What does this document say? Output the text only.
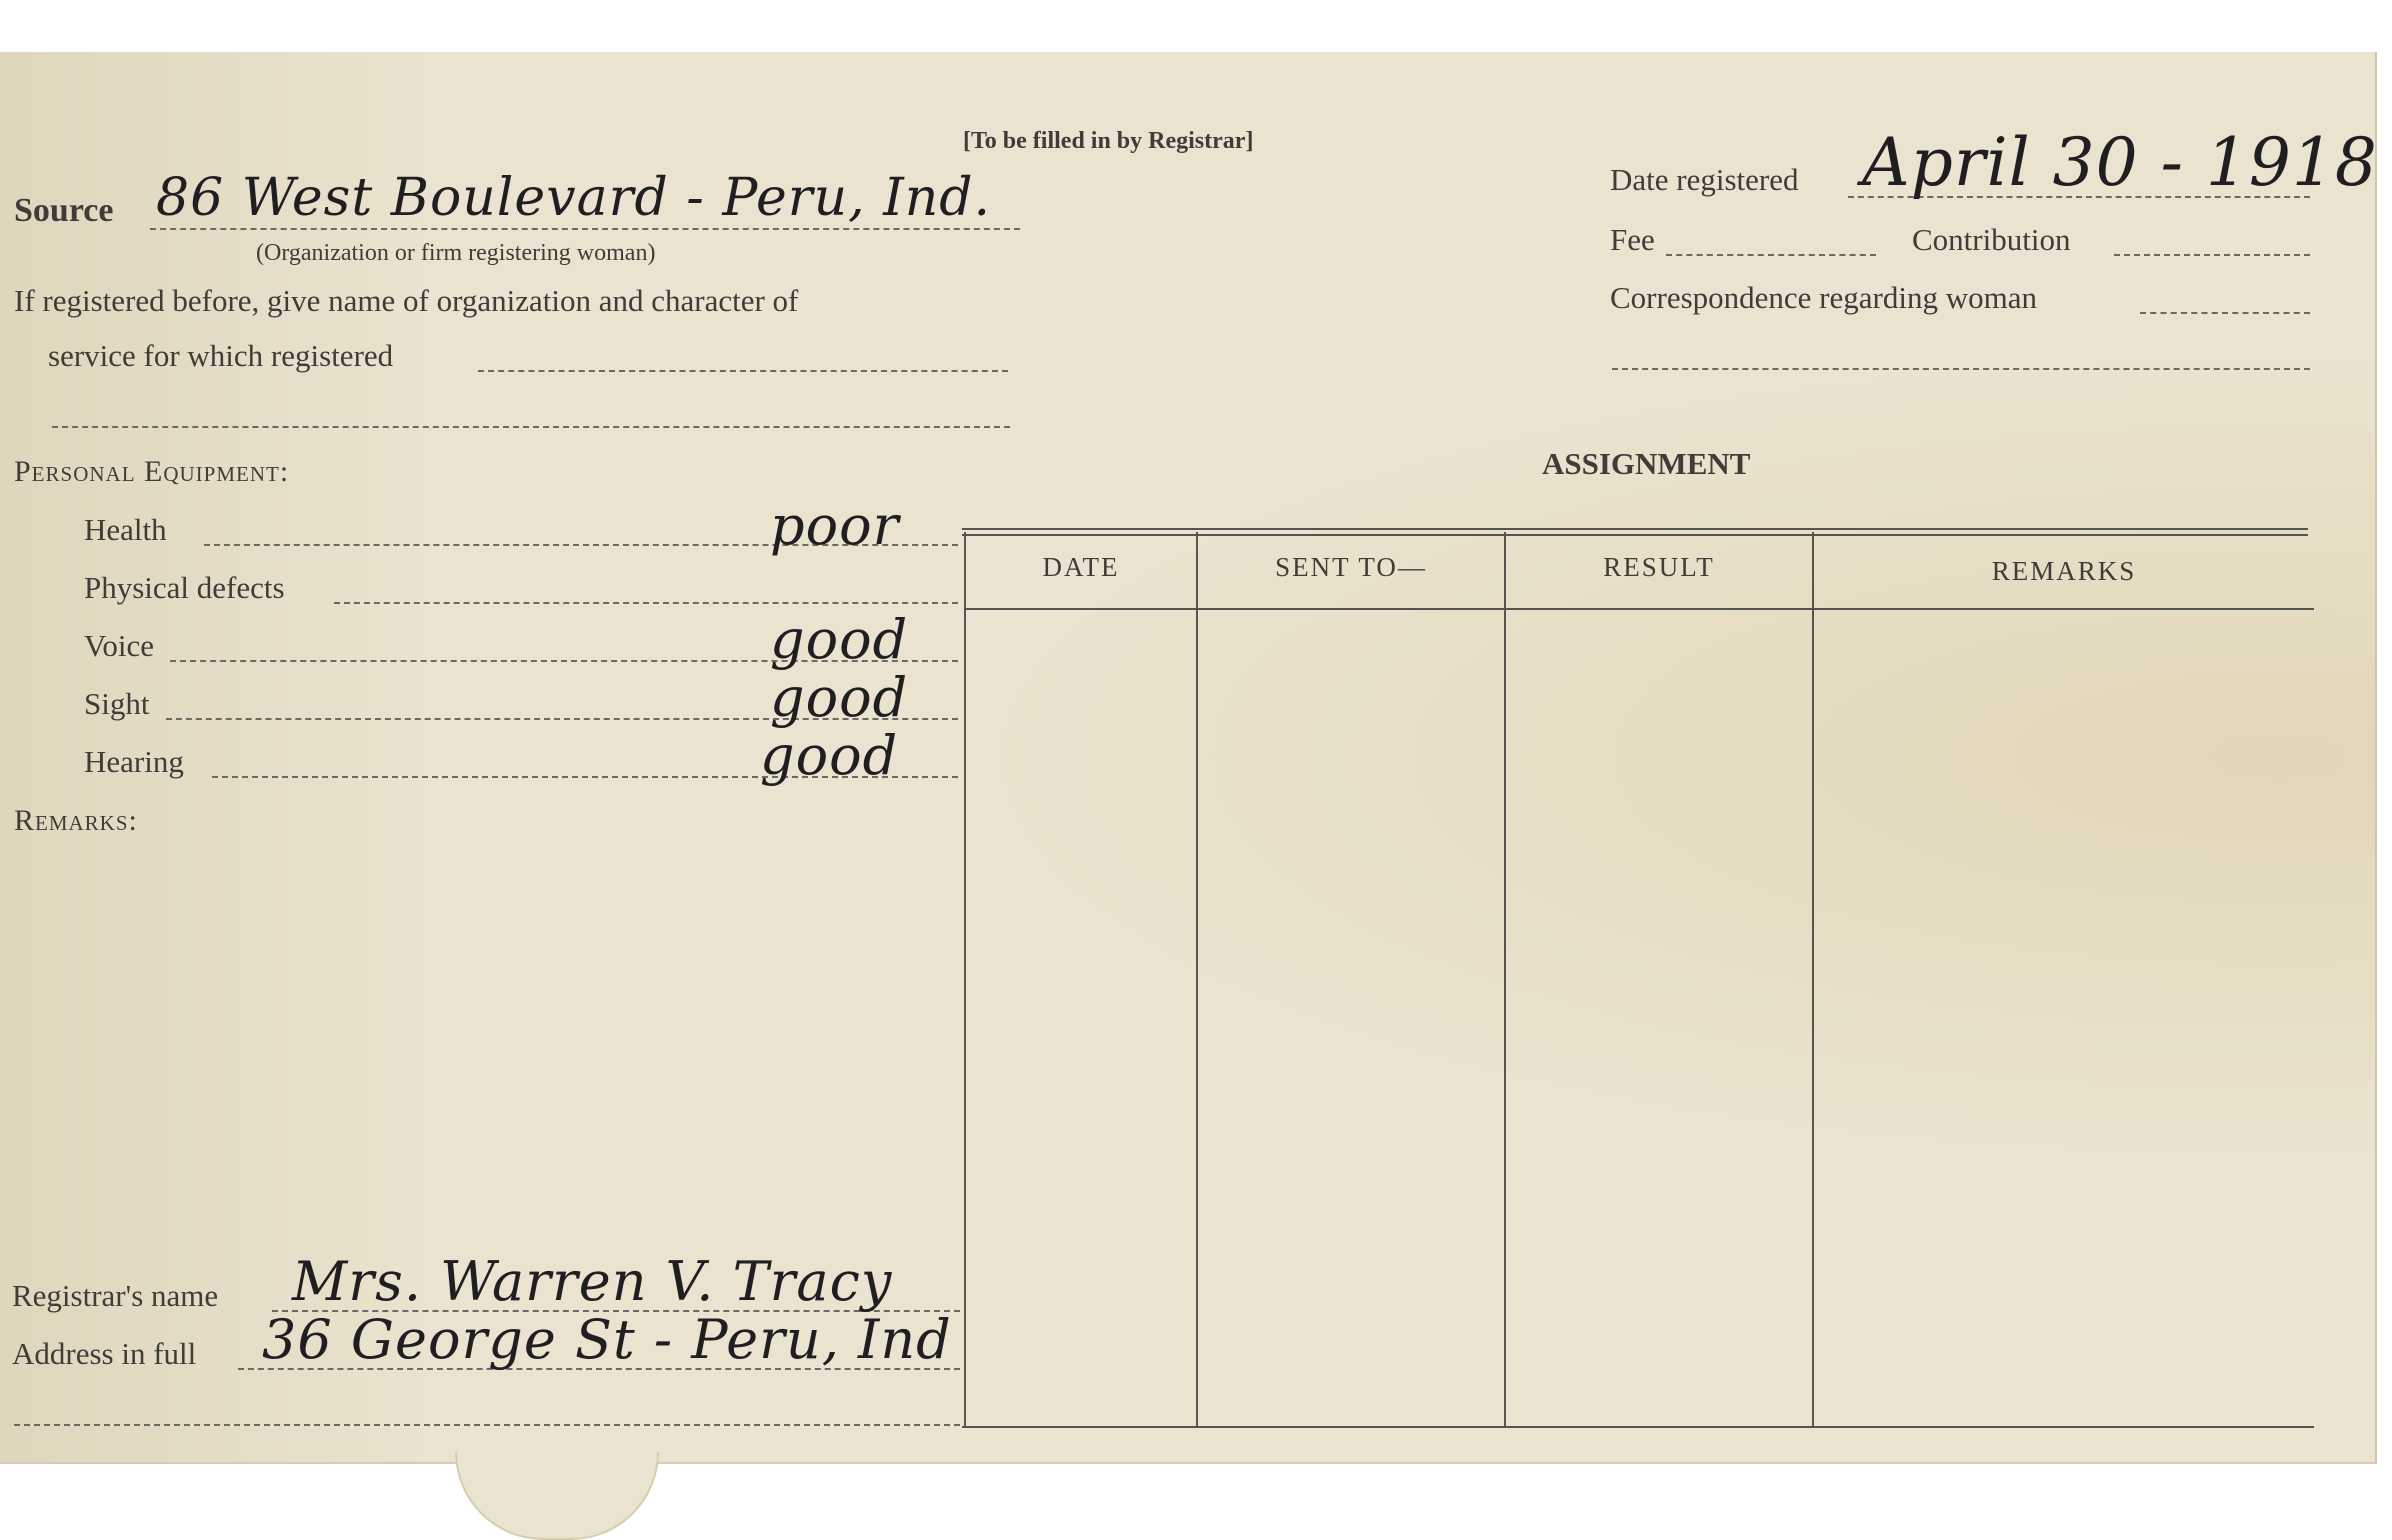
[To be filled in by Registrar]
Source 86 West Boulevard - Peru, Ind.
(Organization or firm registering woman)
If registered before, give name of organization and character of
service for which registered
Date registered April 30 - 1918
Fee	Contribution
Correspondence regarding woman
Personal Equipment:
Health	poor
Physical defects
Voice	good
Sight	good
Hearing	good
Remarks:
ASSIGNMENT
DATE	SENT TO—	RESULT	REMARKS
Registrar's name Mrs. Warren V. Tracy
Address in full 36 George St - Peru, Ind
